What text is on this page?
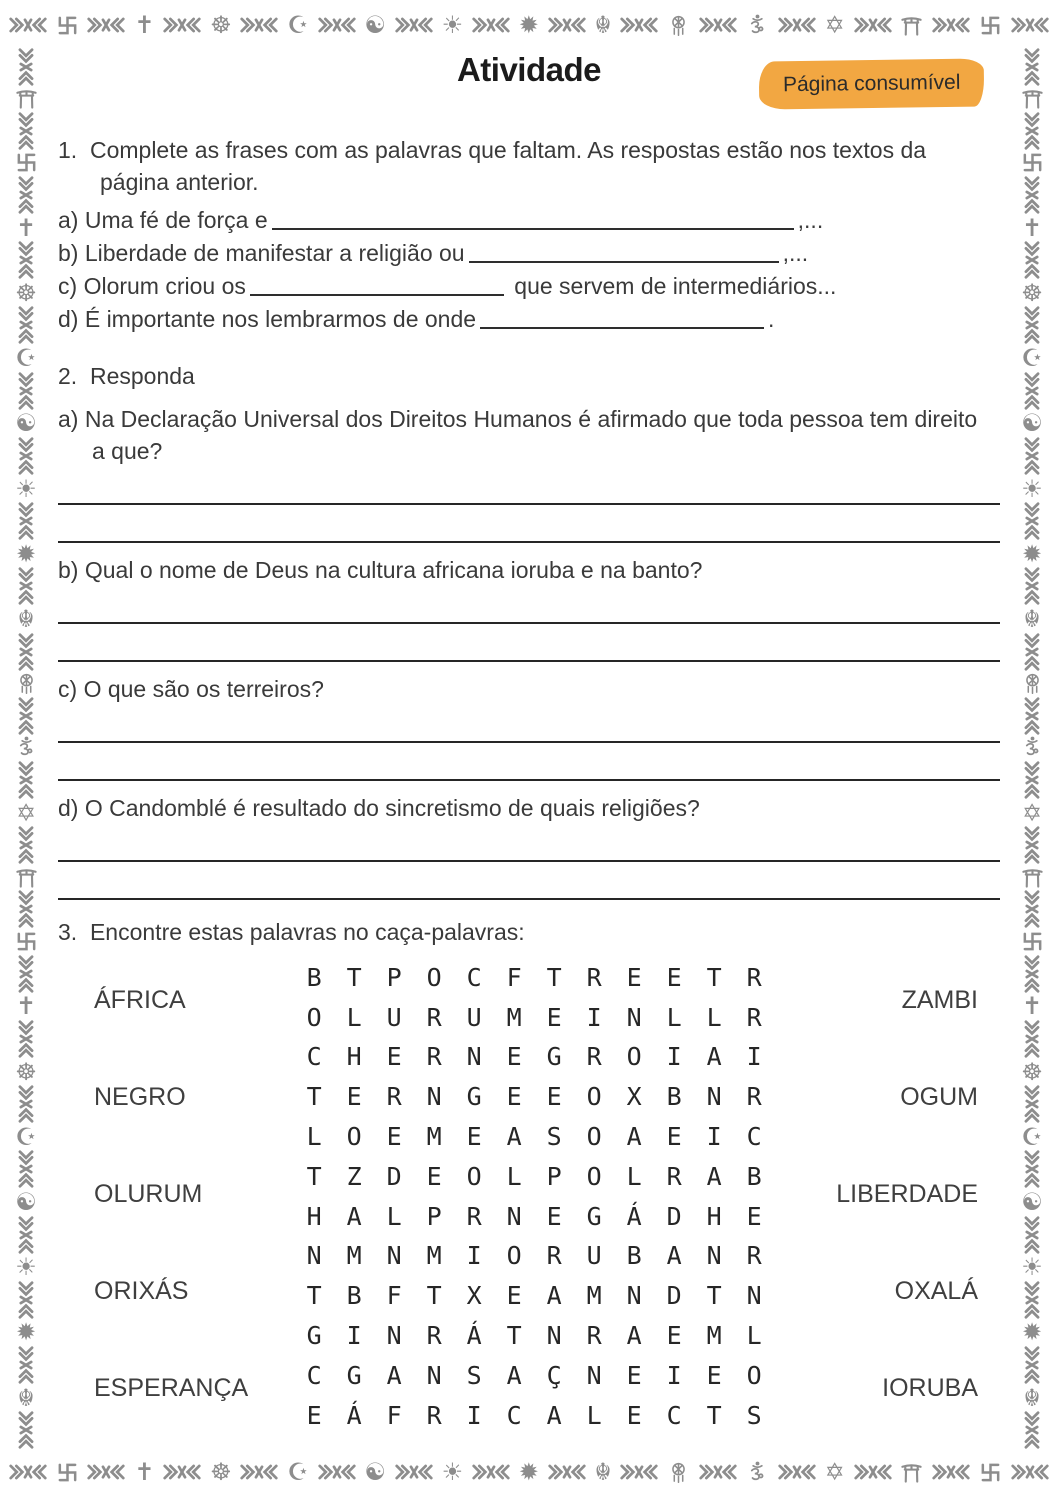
✝ ☸ ☪ ☯ ☀ ✹ ☬	✡
✝ ☸ ☪ ☯ ☀ ✹ ☬	✡
✝
☸
☪
☯
☀
✹
☬
✡
✝
☸
☪
☯
☀
✹
☬
✝
☸
☪
☯
☀
✹
☬
✡
✝
☸
☪
☯
☀
✹
☬
Atividade	Página consumível
1. Complete as frases com as palavras que faltam. As respostas estão nos textos da página anterior.
a) Uma fé de força e	,...
b) Liberdade de manifestar a religião ou	,...
c) Olorum criou os	que servem de intermediários...
d) É importante nos lembrarmos de onde	.
2. Responda
a) Na Declaração Universal dos Direitos Humanos é afirmado que toda pessoa tem direito a que?
b) Qual o nome de Deus na cultura africana ioruba e na banto?
c) O que são os terreiros?
d) O Candomblé é resultado do sincretismo de quais religiões?
3. Encontre estas palavras no caça-palavras:
ÁFRICA
NEGRO
OLURUM
ORIXÁS
ESPERANÇA
B T P O C F T R E E T R
O L U R U M E I N L L R
C H E R N E G R O I A I
T E R N G E E O X B N R
L O E M E A S O A E I C
T Z D E O L P O L R A B
H A L P R N E G Á D H E
N M N M I O R U B A N R
T B F T X E A M N D T N
G I N R Á T N R A E M L
C G A N S A Ç N E I E O
E Á F R I C A L E C T S
ZAMBI
OGUM
LIBERDADE
OXALÁ
IORUBA
